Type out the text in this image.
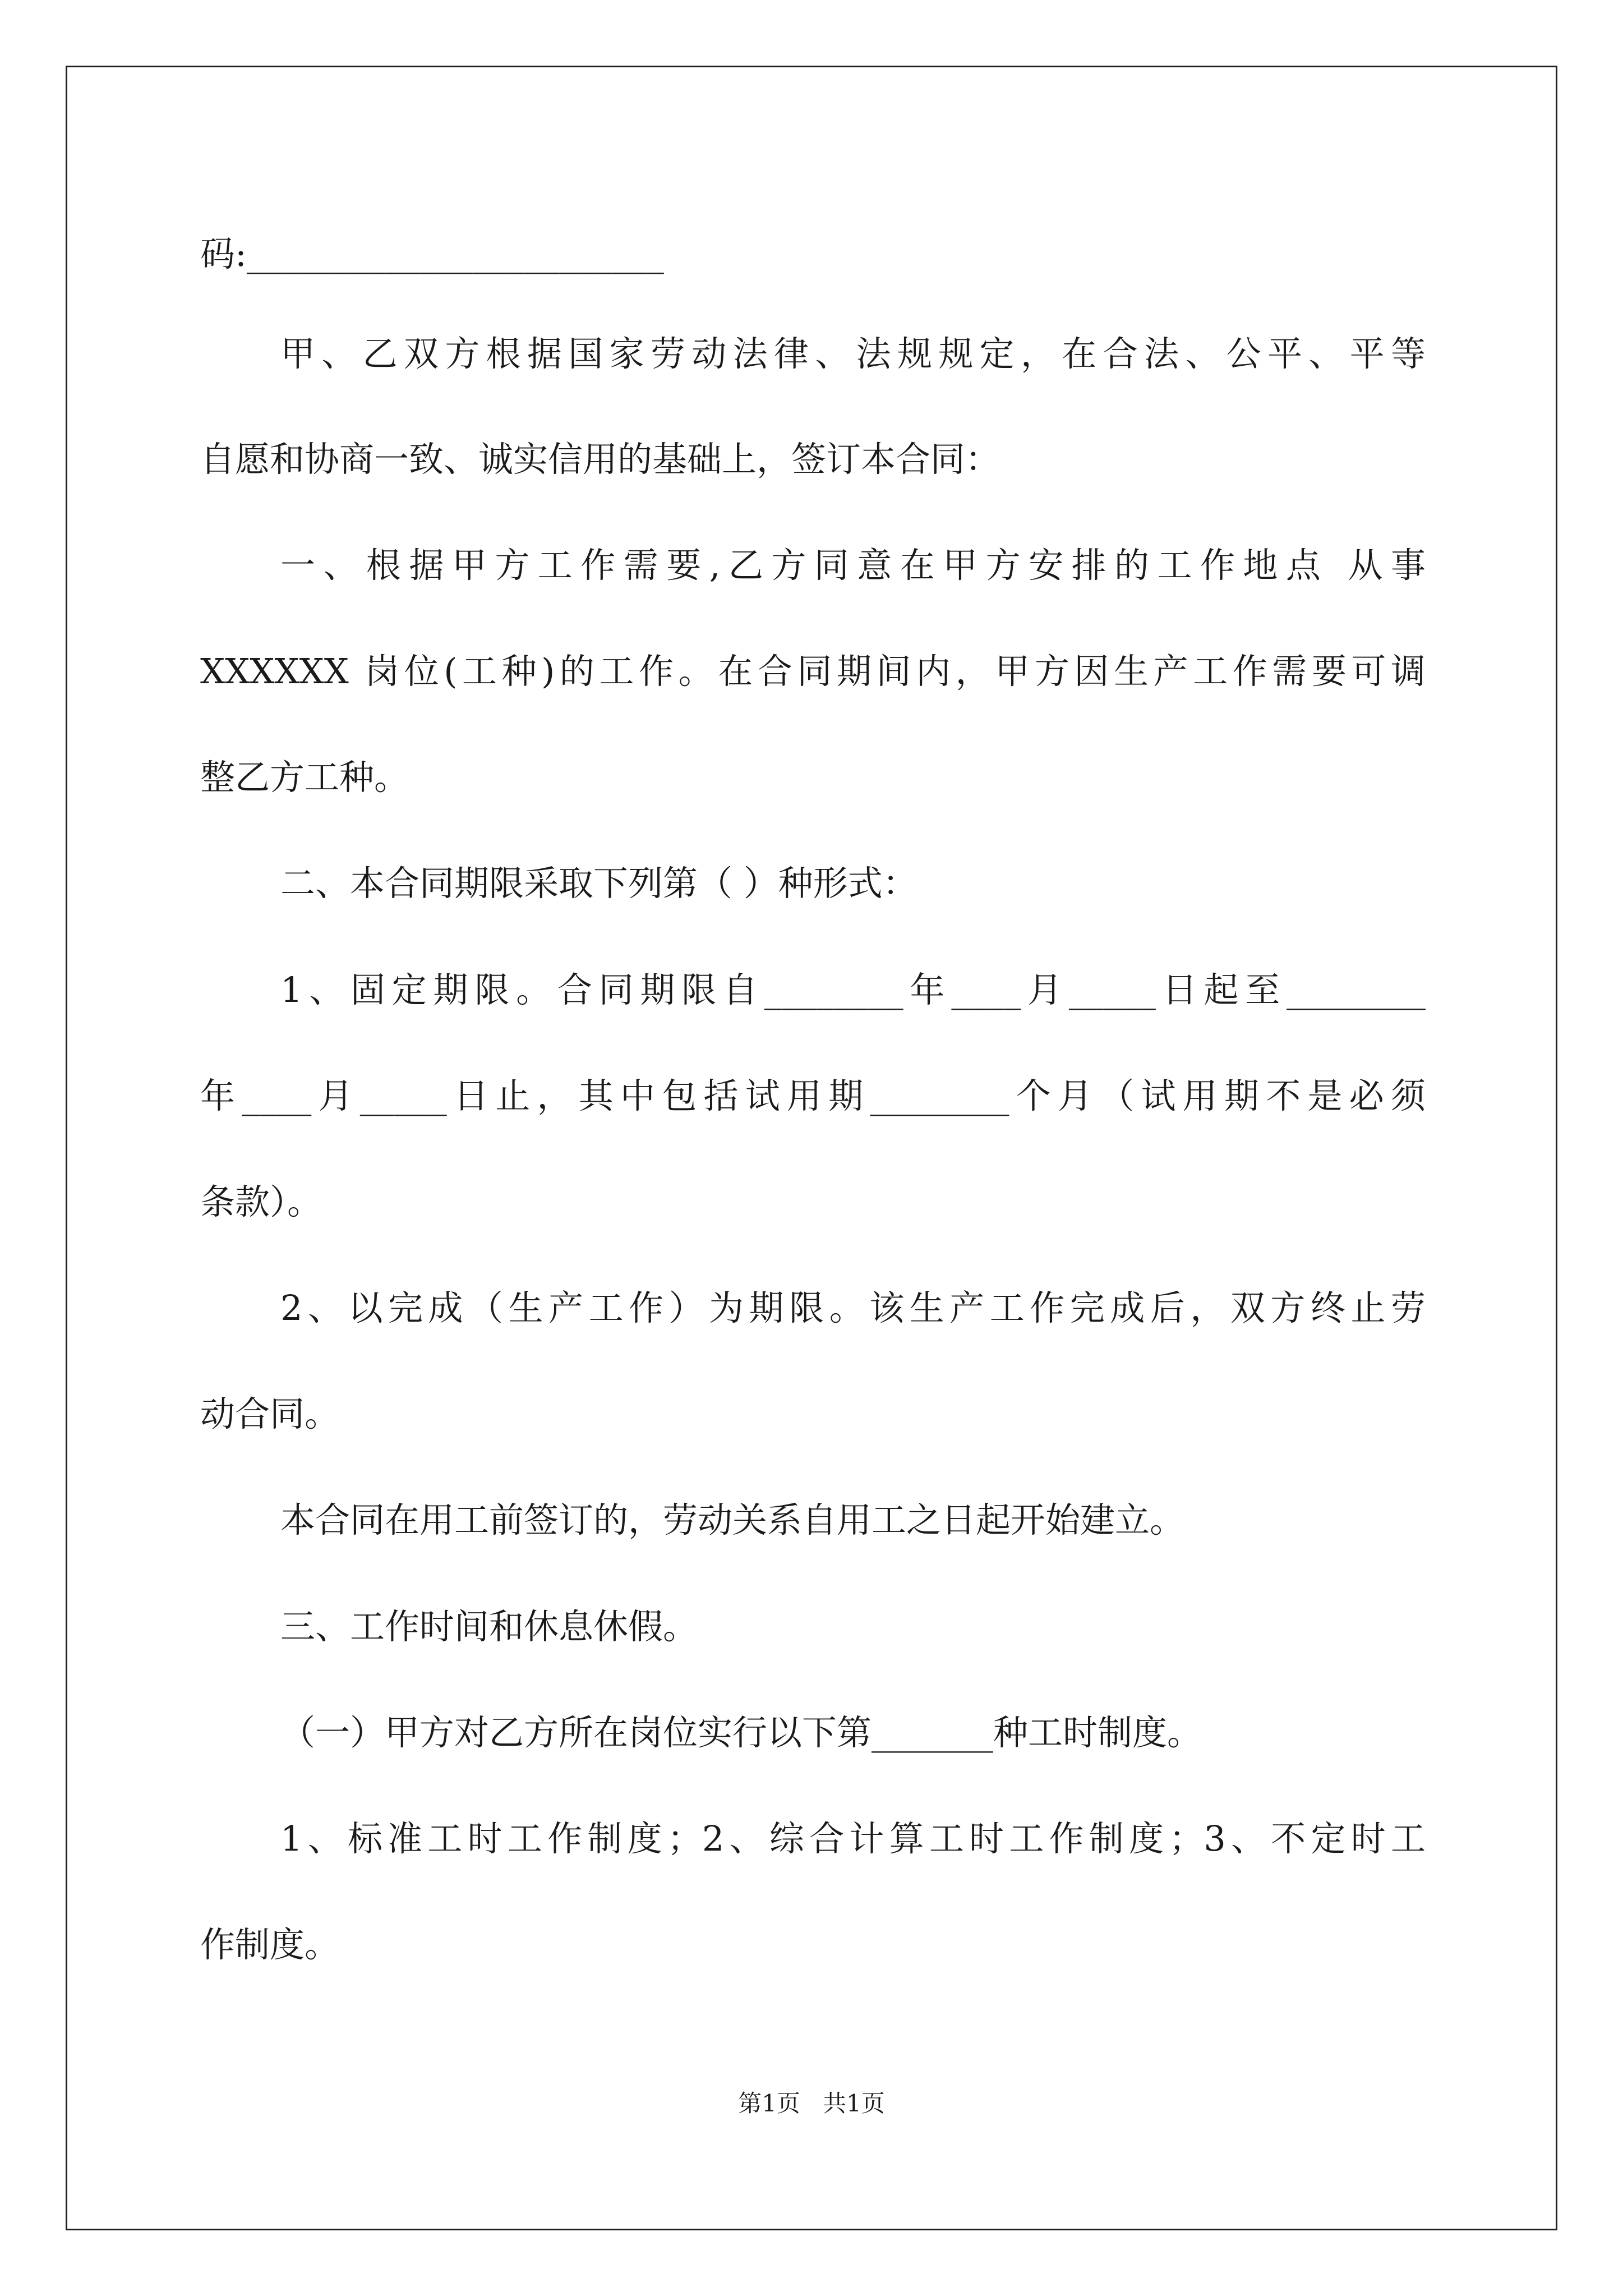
码:________________________
甲、乙双方根据国家劳动法律、法规规定，在合法、公平、平等
自愿和协商一致、诚实信用的基础上，签订本合同：
一、根据甲方工作需要,乙方同意在甲方安排的工作地点 从事
XXXXXX 岗位(工种)的工作。在合同期间内，甲方因生产工作需要可调
整乙方工种。
二、本合同期限采取下列第（ ）种形式：
1、固定期限。合同期限自________年____月_____日起至________
年____月_____日止，其中包括试用期________个月（试用期不是必须
条款）。
2、以完成（生产工作）为期限。该生产工作完成后，双方终止劳
动合同。
本合同在用工前签订的，劳动关系自用工之日起开始建立。
三、工作时间和休息休假。
（一）甲方对乙方所在岗位实行以下第_______种工时制度。
1、标准工时工作制度；2、综合计算工时工作制度；3、不定时工
作制度。
第1页   共1页
